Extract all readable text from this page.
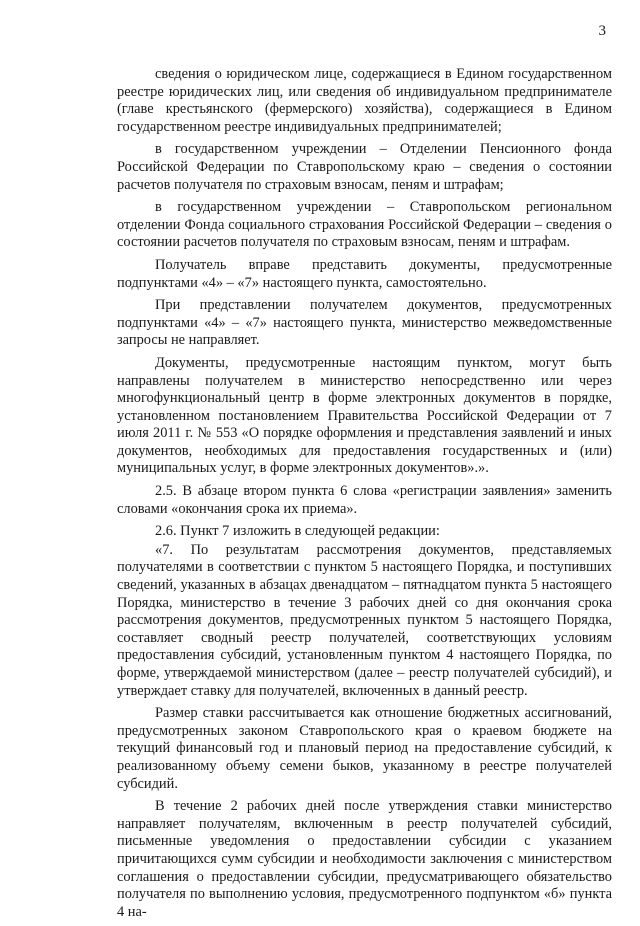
3

сведения о юридическом лице, содержащиеся в Едином государственном реестре юридических лиц, или сведения об индивидуальном предпринимателе (главе крестьянского (фермерского) хозяйства), содержащиеся в Едином государственном реестре индивидуальных предпринимателей;

в государственном учреждении – Отделении Пенсионного фонда Российской Федерации по Ставропольскому краю – сведения о состоянии расчетов получателя по страховым взносам, пеням и штрафам;

в государственном учреждении – Ставропольском региональном отделении Фонда социального страхования Российской Федерации – сведения о состоянии расчетов получателя по страховым взносам, пеням и штрафам.

Получатель вправе представить документы, предусмотренные подпунктами «4» – «7» настоящего пункта, самостоятельно.

При представлении получателем документов, предусмотренных подпунктами «4» – «7» настоящего пункта, министерство межведомственные запросы не направляет.

Документы, предусмотренные настоящим пунктом, могут быть направлены получателем в министерство непосредственно или через многофункциональный центр в форме электронных документов в порядке, установленном постановлением Правительства Российской Федерации от 7 июля 2011 г. № 553 «О порядке оформления и представления заявлений и иных документов, необходимых для предоставления государственных и (или) муниципальных услуг, в форме электронных документов».».

2.5. В абзаце втором пункта 6 слова «регистрации заявления» заменить словами «окончания срока их приема».

2.6. Пункт 7 изложить в следующей редакции:

«7. По результатам рассмотрения документов, представляемых получателями в соответствии с пунктом 5 настоящего Порядка, и поступивших сведений, указанных в абзацах двенадцатом – пятнадцатом пункта 5 настоящего Порядка, министерство в течение 3 рабочих дней со дня окончания срока рассмотрения документов, предусмотренных пунктом 5 настоящего Порядка, составляет сводный реестр получателей, соответствующих условиям предоставления субсидий, установленным пунктом 4 настоящего Порядка, по форме, утверждаемой министерством (далее – реестр получателей субсидий), и утверждает ставку для получателей, включенных в данный реестр.

Размер ставки рассчитывается как отношение бюджетных ассигнований, предусмотренных законом Ставропольского края о краевом бюджете на текущий финансовый год и плановый период на предоставление субсидий, к реализованному объему семени быков, указанному в реестре получателей субсидий.

В течение 2 рабочих дней после утверждения ставки министерство направляет получателям, включенным в реестр получателей субсидий, письменные уведомления о предоставлении субсидии с указанием причитающихся сумм субсидии и необходимости заключения с министерством соглашения о предоставлении субсидии, предусматривающего обязательство получателя по выполнению условия, предусмотренного подпунктом «б» пункта 4 на-
